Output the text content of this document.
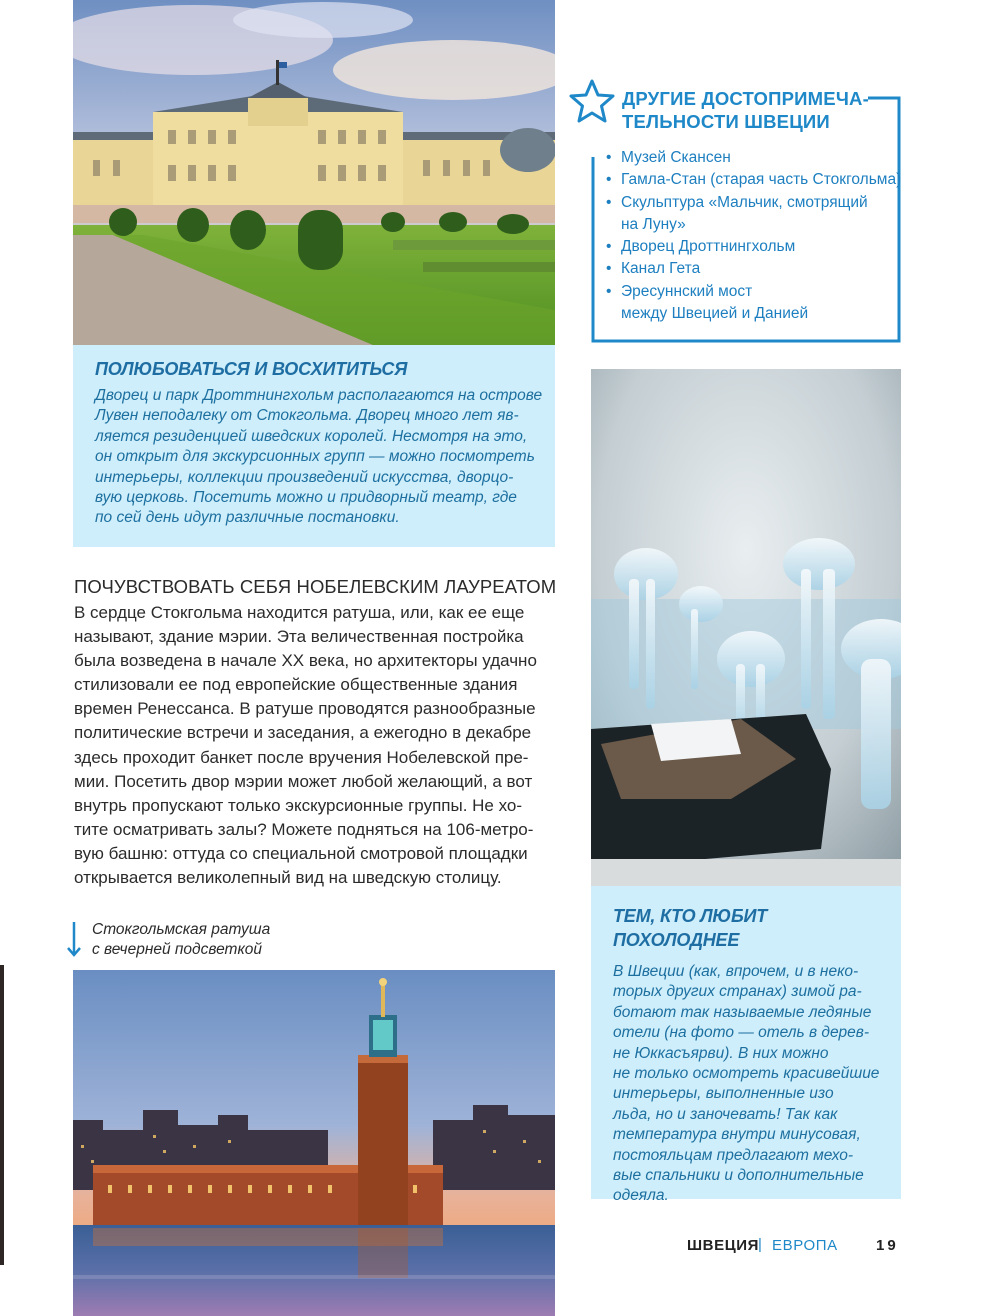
ПОЛЮБОВАТЬСЯ И ВОСХИТИТЬСЯ

Дворец и парк Дроттнингхольм располагаются на острове

Лувен неподалеку от Стокгольма. Дворец много лет яв-

ляется резиденцией шведских королей. Несмотря на это,

он открыт для экскурсионных групп — можно посмотреть

интерьеры, коллекции произведений искусства, дворцо-

вую церковь. Посетить можно и придворный театр, где

по сей день идут различные постановки.

ДРУГИЕ ДОСТОПРИМЕЧА-
ТЕЛЬНОСТИ ШВЕЦИИ
• Музей Скансен
• Гамла-Стан (старая часть Стокгольма)
• Скульптура «Мальчик, смотрящий
на Луну»
• Дворец Дроттнингхольм
• Канал Гета
• Эресуннский мост
между Швецией и Данией
ТЕМ, КТО ЛЮБИТ ПОХОЛОДНЕЕ

В Швеции (как, впрочем, и в неко-

торых других странах) зимой ра-

ботают так называемые ледяные

отели (на фото — отель в дерев-

не Юккасъярви). В них можно

не только осмотреть красивейшие

интерьеры, выполненные изо

льда, но и заночевать! Так как

температура внутри минусовая,

постояльцам предлагают мехо-

вые спальники и дополнительные

одеяла.

ПОЧУВСТВОВАТЬ СЕБЯ НОБЕЛЕВСКИМ ЛАУРЕАТОМ

В сердце Стокгольма находится ратуша, или, как ее еще

называют, здание мэрии. Эта величественная постройка

была возведена в начале XX века, но архитекторы удачно

стилизовали ее под европейские общественные здания

времен Ренессанса. В ратуше проводятся разнообразные

политические встречи и заседания, а ежегодно в декабре

здесь проходит банкет после вручения Нобелевской пре-

мии. Посетить двор мэрии может любой желающий, а вот

внутрь пропускают только экскурсионные группы. Не хо-

тите осматривать залы? Можете подняться на 106-метро-

вую башню: оттуда со специальной смотровой площадки

открывается великолепный вид на шведскую столицу.

Стокгольмская ратуша

с вечерней подсветкой

ШВЕЦИЯ
| ЕВРОПА	19
